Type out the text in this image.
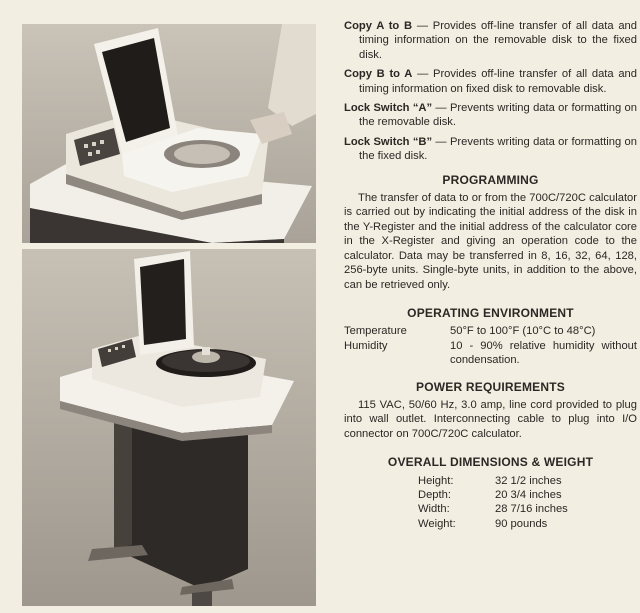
Copy A to B — Provides off-line transfer of all data and timing information on the removable disk to the fixed disk.
Copy B to A — Provides off-line transfer of all data and timing information on fixed disk to removable disk.
Lock Switch “A” — Prevents writing data or formatting on the removable disk.
Lock Switch “B” — Prevents writing data or formatting on the fixed disk.
PROGRAMMING

The transfer of data to or from the 700C/720C calculator is carried out by indicating the initial address of the disk in the Y-Register and the initial address of the calculator core in the X-Register and giving an operation code to the calculator. Data may be transferred in 8, 16, 32, 64, 128, 256-byte units. Single-byte units, in addition to the above, can be retrieved only.

OPERATING ENVIRONMENT
Temperature	50°F to 100°F (10°C to 48°C)
Humidity	10 - 90% relative humidity without condensation.
POWER REQUIREMENTS

115 VAC, 50/60 Hz, 3.0 amp, line cord provided to plug into wall outlet. Interconnecting cable to plug into I/O connector on 700C/720C calculator.

OVERALL DIMENSIONS & WEIGHT
Height:	32 1/2 inches
Depth:	20 3/4 inches
Width:	28 7/16 inches
Weight:	90 pounds
